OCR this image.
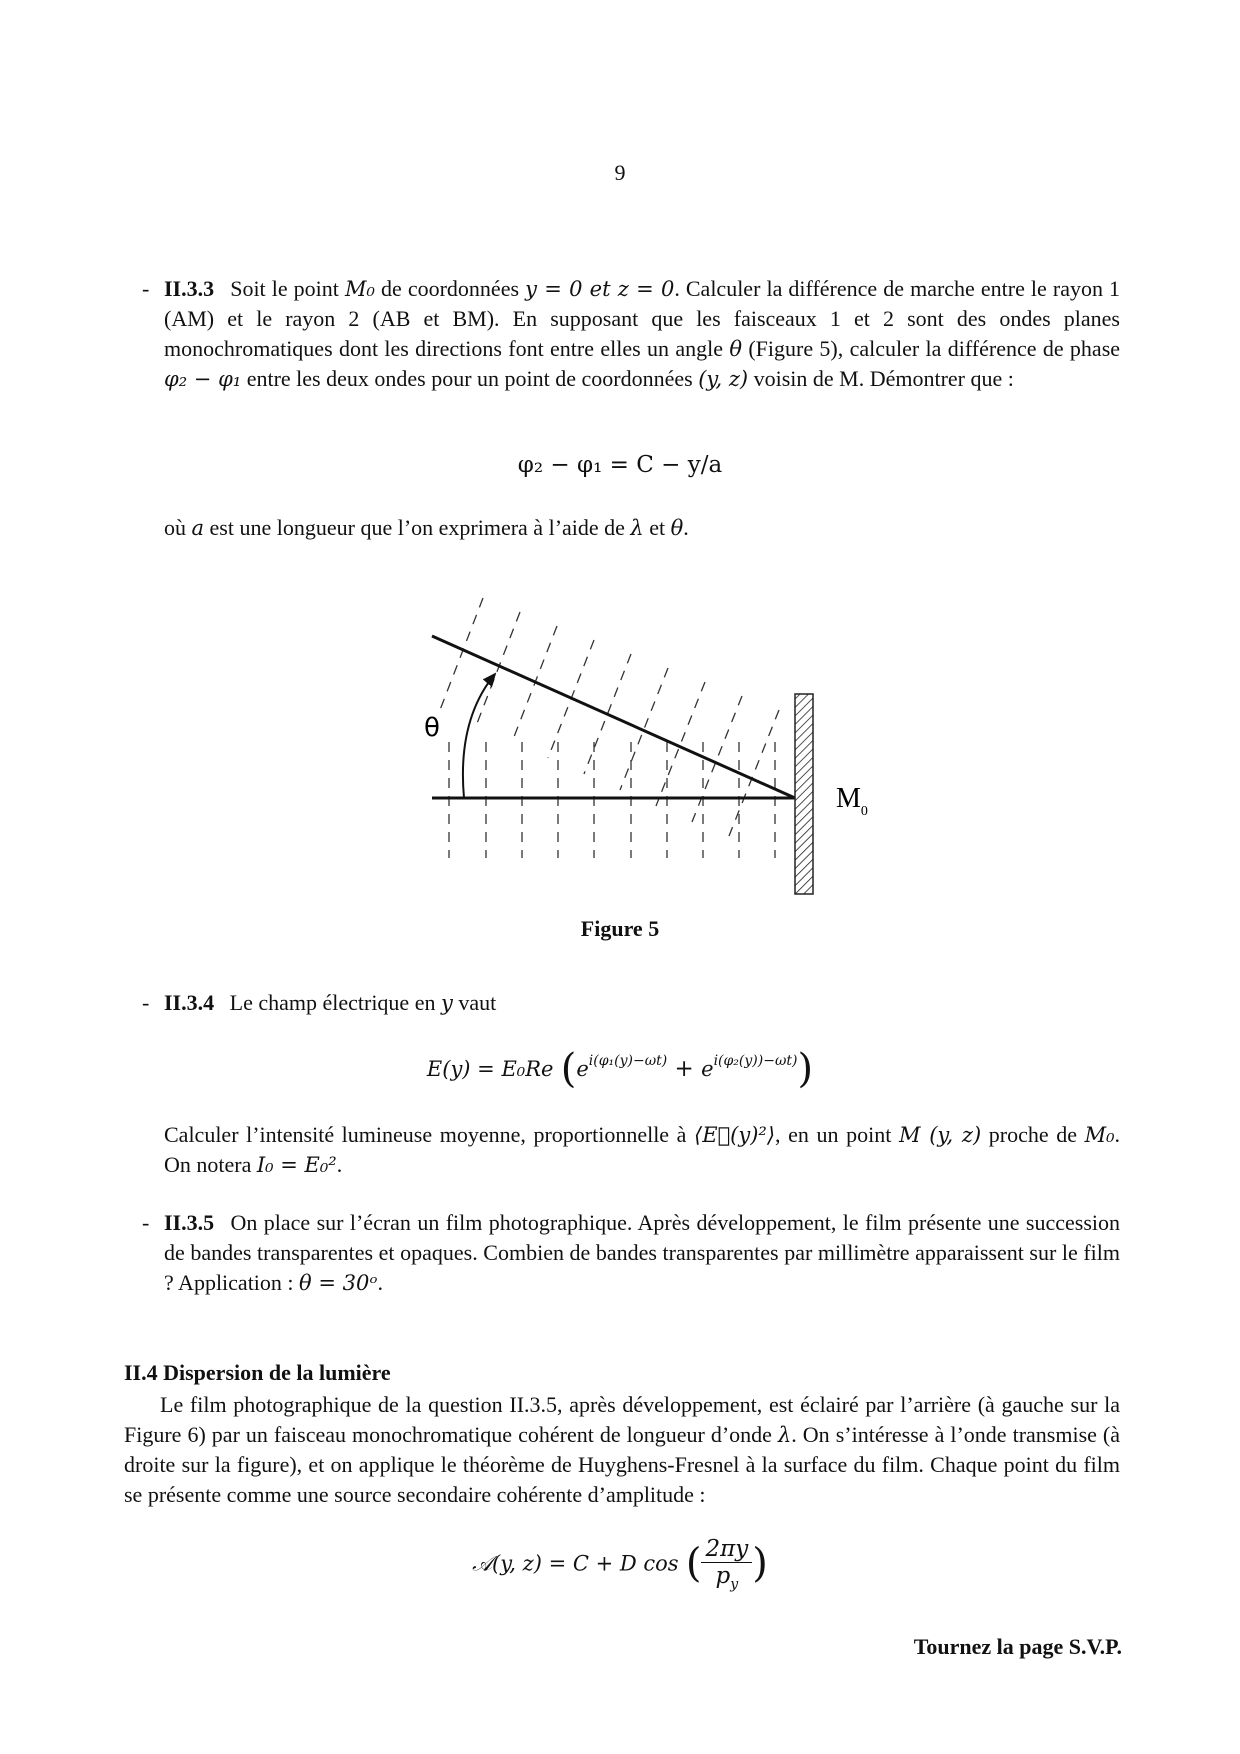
9
- II.3.3 Soit le point M₀ de coordonnées y = 0 et z = 0. Calculer la différence de marche entre le rayon 1 (AM) et le rayon 2 (AB et BM). En supposant que les faisceaux 1 et 2 sont des ondes planes monochromatiques dont les directions font entre elles un angle θ (Figure 5), calculer la différence de phase φ₂ − φ₁ entre les deux ondes pour un point de coordonnées (y, z) voisin de M. Démontrer que :
φ₂ − φ₁ = C − y/a
où a est une longueur que l’on exprimera à l’aide de λ et θ.
θ
$M_0$
Figure 5
- II.3.4 Le champ électrique en y vaut
E(y) = E₀Re $(e^{i(\varphi_1(y)-\omega t)} + e^{i(\varphi_2(y))-\omega t)})$
Calculer l’intensité lumineuse moyenne, proportionnelle à ⟨E⃗(y)²⟩, en un point M (y, z) proche de M₀. On notera I₀ = E₀².
- II.3.5 On place sur l’écran un film photographique. Après développement, le film présente une succession de bandes transparentes et opaques. Combien de bandes transparentes par millimètre apparaissent sur le film ? Application : θ = 30ᵒ.
II.4 Dispersion de la lumière
Le film photographique de la question II.3.5, après développement, est éclairé par l’arrière (à gauche sur la Figure 6) par un faisceau monochromatique cohérent de longueur d’onde λ. On s’intéresse à l’onde transmise (à droite sur la figure), et on applique le théorème de Huyghens-Fresnel à la surface du film. Chaque point du film se présente comme une source secondaire cohérente d’amplitude :
𝒜(y, z) = C + D cos ( $\frac{2\pi y}{p_y}$ )
Tournez la page S.V.P.
